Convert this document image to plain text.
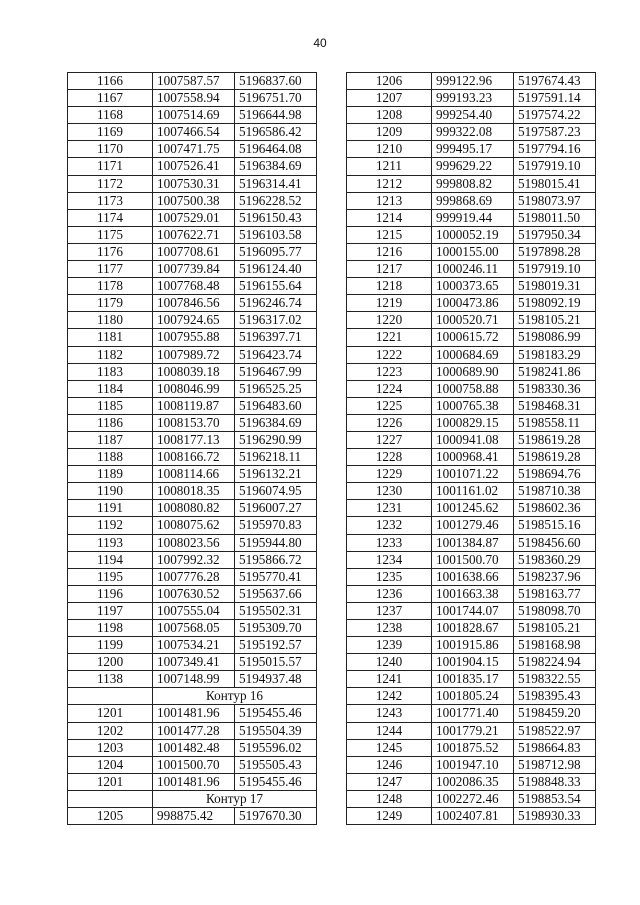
40
1166	1007587.57	5196837.60
1167	1007558.94	5196751.70
1168	1007514.69	5196644.98
1169	1007466.54	5196586.42
1170	1007471.75	5196464.08
1171	1007526.41	5196384.69
1172	1007530.31	5196314.41
1173	1007500.38	5196228.52
1174	1007529.01	5196150.43
1175	1007622.71	5196103.58
1176	1007708.61	5196095.77
1177	1007739.84	5196124.40
1178	1007768.48	5196155.64
1179	1007846.56	5196246.74
1180	1007924.65	5196317.02
1181	1007955.88	5196397.71
1182	1007989.72	5196423.74
1183	1008039.18	5196467.99
1184	1008046.99	5196525.25
1185	1008119.87	5196483.60
1186	1008153.70	5196384.69
1187	1008177.13	5196290.99
1188	1008166.72	5196218.11
1189	1008114.66	5196132.21
1190	1008018.35	5196074.95
1191	1008080.82	5196007.27
1192	1008075.62	5195970.83
1193	1008023.56	5195944.80
1194	1007992.32	5195866.72
1195	1007776.28	5195770.41
1196	1007630.52	5195637.66
1197	1007555.04	5195502.31
1198	1007568.05	5195309.70
1199	1007534.21	5195192.57
1200	1007349.41	5195015.57
1138	1007148.99	5194937.48
	Контур 16	
1201	1001481.96	5195455.46
1202	1001477.28	5195504.39
1203	1001482.48	5195596.02
1204	1001500.70	5195505.43
1201	1001481.96	5195455.46
	Контур 17	
1205	998875.42	5197670.30
1206	999122.96	5197674.43
1207	999193.23	5197591.14
1208	999254.40	5197574.22
1209	999322.08	5197587.23
1210	999495.17	5197794.16
1211	999629.22	5197919.10
1212	999808.82	5198015.41
1213	999868.69	5198073.97
1214	999919.44	5198011.50
1215	1000052.19	5197950.34
1216	1000155.00	5197898.28
1217	1000246.11	5197919.10
1218	1000373.65	5198019.31
1219	1000473.86	5198092.19
1220	1000520.71	5198105.21
1221	1000615.72	5198086.99
1222	1000684.69	5198183.29
1223	1000689.90	5198241.86
1224	1000758.88	5198330.36
1225	1000765.38	5198468.31
1226	1000829.15	5198558.11
1227	1000941.08	5198619.28
1228	1000968.41	5198619.28
1229	1001071.22	5198694.76
1230	1001161.02	5198710.38
1231	1001245.62	5198602.36
1232	1001279.46	5198515.16
1233	1001384.87	5198456.60
1234	1001500.70	5198360.29
1235	1001638.66	5198237.96
1236	1001663.38	5198163.77
1237	1001744.07	5198098.70
1238	1001828.67	5198105.21
1239	1001915.86	5198168.98
1240	1001904.15	5198224.94
1241	1001835.17	5198322.55
1242	1001805.24	5198395.43
1243	1001771.40	5198459.20
1244	1001779.21	5198522.97
1245	1001875.52	5198664.83
1246	1001947.10	5198712.98
1247	1002086.35	5198848.33
1248	1002272.46	5198853.54
1249	1002407.81	5198930.33
